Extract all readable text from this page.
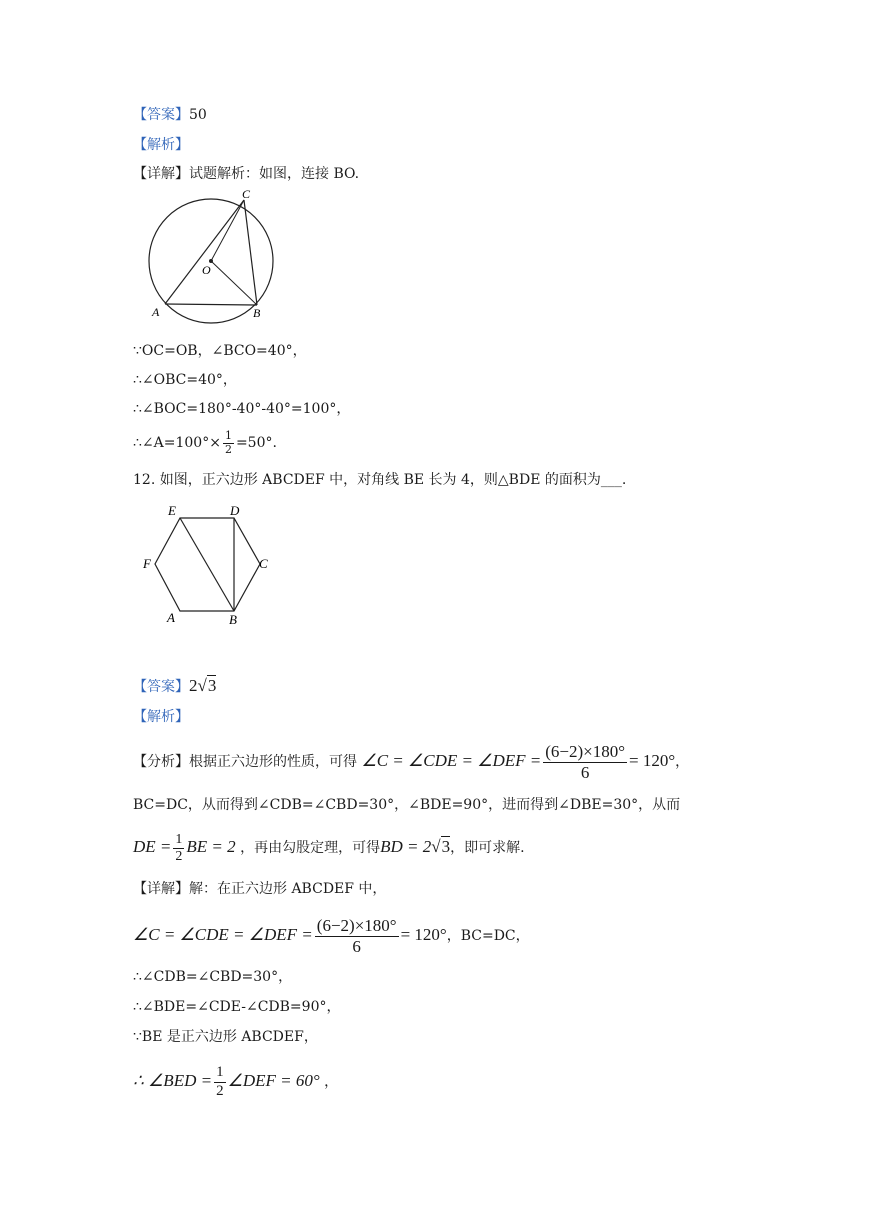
【答案】50
【解析】
【详解】试题解析：如图，连接 BO.
C
O
A	B
∵OC=OB，∠BCO=40°，
∴∠OBC=40°，
∴∠BOC=180°-40°-40°=100°，
∴∠A=100°× $\frac{1}{2} =50^\circ$.
12. 如图，正六边形 ABCDEF 中，对角线 BE 长为 4，则△BDE 的面积为___.
E	D
C
F
A	B
【答案】2√3
【解析】
【分析】根据正六边形的性质，可得 ∠C = ∠CDE = ∠DEF = $\frac{(6-2)\times 180^\circ}{6} = 120^\circ$，
BC=DC，从而得到∠CDB=∠CBD=30°，∠BDE=90°，进而得到∠DBE=30°，从而
DE = $\frac{1}{2}$ BE = 2 ，再由勾股定理，可得BD = 2√3，即可求解.
【详解】解：在正六边形 ABCDEF 中，
∠C = ∠CDE = ∠DEF = $\frac{(6-2)\times 180^\circ}{6} = 120^\circ$，BC=DC，
∴∠CDB=∠CBD=30°，
∴∠BDE=∠CDE-∠CDB=90°，
∵BE 是正六边形 ABCDEF，
∴ ∠BED = $\frac{1}{2}$ ∠DEF = 60° ，
